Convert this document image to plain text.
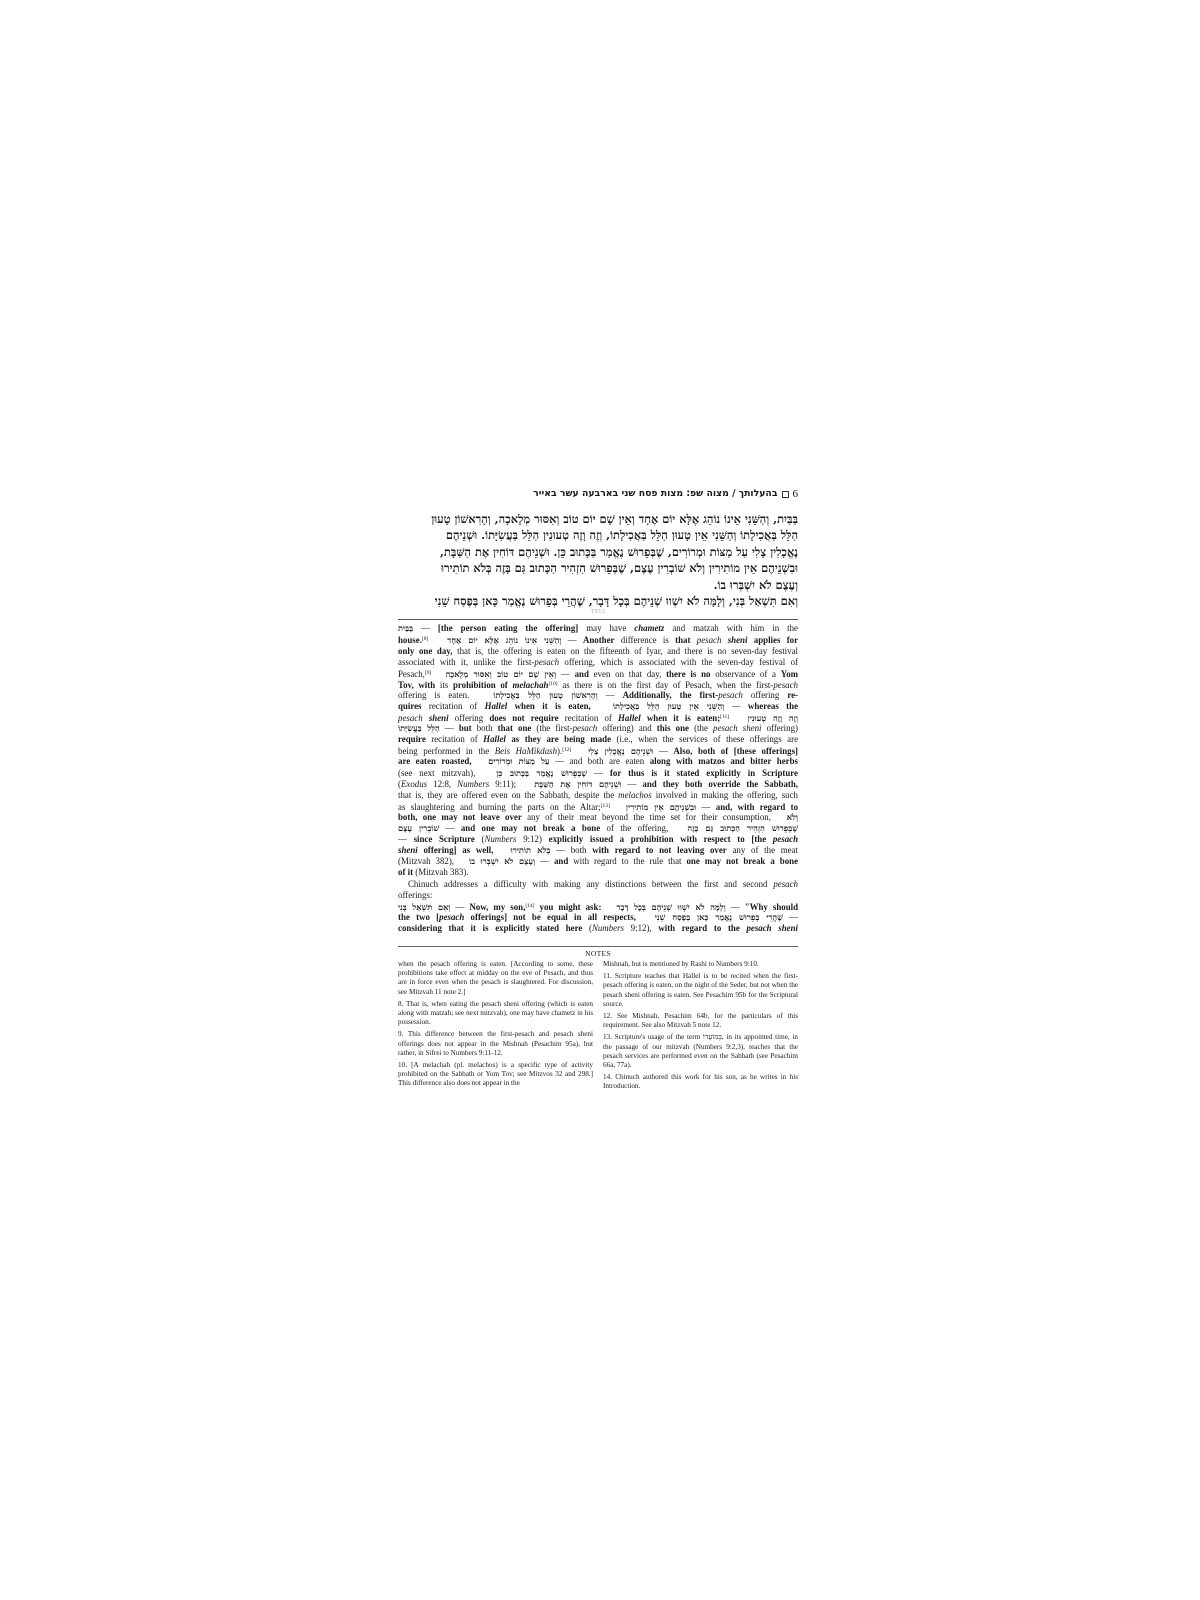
6
בהעלותך / מצוה שפ: מצות פסח שני בארבעה עשר באייר
בַּבַּיִת, וְהַשֵּׁנִי אֵינוֹ נוֹהֵג אֶלָּא יוֹם אֶחָד וְאֵין שָׁם יוֹם טוֹב וְאִסּוּר מְלָאכָה, וְהָרִאשׁוֹן טָעוּן
הַלֵּל בַּאֲכִילָתוֹ וְהַשֵּׁנִי אֵין טָעוּן הַלֵּל בַּאֲכִילָתוֹ, וְזֶה וָזֶה טְעוּנִין הַלֵּל בַּעֲשִׂיָּתוֹ. וּשְׁנֵיהֶם
נֶאֱכָלִין צָלִי עַל מַצּוֹת וּמְרוֹרִים, שֶׁבְּפֵרוּשׁ נֶאֱמַר בַּכָּתוּב כֵּן. וּשְׁנֵיהֶם דּוֹחִין אֶת הַשַּׁבָּת,
וּבִשְׁנֵיהֶם אֵין מוֹתִירִין וְלֹא שׁוֹבְרִין עֶצֶם, שֶׁבְּפֵרוּשׁ הִזְהִיר הַכָּתוּב גַּם בָּזֶה בְּלֹא תוֹתִירוּ
וְעֶצֶם לֹא יִשְׁבְּרוּ בוֹ.
וְאִם תִּשְׁאַל בְּנִי, וְלָמָּה לֹא יִשְׁווּ שְׁנֵיהֶם בְּכָל דָּבָר, שֶׁהֲרֵי בְּפֵרוּשׁ נֶאֱמַר כָּאן בְּפֶסַח שֵׁנִי
T93/2
בַּבַּיִת — [the person eating the offering] may have chametz and matzah with him in the
house.[8] וְהַשֵּׁנִי אֵינוֹ נוֹהֵג אֶלָּא יוֹם אֶחָד — Another difference is that pesach sheni applies for
only one day, that is, the offering is eaten on the fifteenth of Iyar, and there is no seven-day festival
associated with it, unlike the first-pesach offering, which is associated with the seven-day festival of
Pesach,[9] וְאֵין שָׁם יוֹם טוֹב וְאִסּוּר מְלָאכָה — and even on that day, there is no observance of a Yom
Tov, with its prohibition of melachah[10] as there is on the first day of Pesach, when the first-pesach
offering is eaten.   וְהָרִאשׁוֹן טָעוּן הַלֵּל בַּאֲכִילָתוֹ — Additionally, the first-pesach offering re-
quires recitation of Hallel when it is eaten,	וְהַשֵּׁנִי אֵין טָעוּן הַלֵּל בַּאֲכִילָתוֹ — whereas the
pesach sheni offering does not require recitation of Hallel when it is eaten;[11] וְזֶה וָזֶה טְעוּנִין
הַלֵּל בַּעֲשִׂיָּתוֹ — but both that one (the first-pesach offering) and this one (the pesach sheni offering)
require recitation of Hallel as they are being made (i.e., when the services of these offerings are
being performed in the Beis HaMikdash).[12] וּשְׁנֵיהֶם נֶאֱכָלִין צָלִי — Also, both of [these offerings]
are eaten roasted, עַל מַצּוֹת וּמְרוֹרִים — and both are eaten along with matzos and bitter herbs
(see next mitzvah),   שֶׁבְּפֵרוּשׁ נֶאֱמַר בַּכָּתוּב כֵּן — for thus is it stated explicitly in Scripture
(Exodus 12:8, Numbers 9:11);   וּשְׁנֵיהֶם דּוֹחִין אֶת הַשַּׁבָּת — and they both override the Sabbath,
that is, they are offered even on the Sabbath, despite the melachos involved in making the offering, such
as slaughtering and burning the parts on the Altar;[13] וּבִשְׁנֵיהֶם אֵין מוֹתִירִין — and, with regard to
both, one may not leave over any of their meat beyond the time set for their consumption,   וְלֹא
שׁוֹבְרִין עֶצֶם — and one may not break a bone of the offering,   שֶׁבְּפֵרוּשׁ הִזְהִיר הַכָּתוּב גַּם בָּזֶה
— since Scripture (Numbers 9:12) explicitly issued a prohibition with respect to [the pesach
sheni offering] as well, בְּלֹא תוֹתִירוּ — both with regard to not leaving over any of the meat
(Mitzvah 382),   וְעֶצֶם לֹא יִשְׁבְּרוּ בוֹ — and with regard to the rule that one may not break a bone
of it (Mitzvah 383).
Chinuch addresses a difficulty with making any distinctions between the first and second pesach
offerings:
וְאִם תִּשְׁאַל בְּנִי — Now, my son,[14] you might ask: וְלָמָּה לֹא יִשְׁווּ שְׁנֵיהֶם בְּכָל דָּבָר — "Why should
the two [pesach offerings] not be equal in all respects, שֶׁהֲרֵי בְּפֵרוּשׁ נֶאֱמַר כָּאן בְּפֶסַח שֵׁנִי —
considering that it is explicitly stated here (Numbers 9:12), with regard to the pesach sheni
NOTES

when the pesach offering is eaten. [According to some, these prohibitions take effect at midday on the eve of Pesach, and thus are in force even when the pesach is slaughtered. For discussion, see Mitzvah 11 note 2.]

8. That is, when eating the pesach sheni offering (which is eaten along with matzah; see next mitzvah), one may have chametz in his possession.

9. This difference between the first-pesach and pesach sheni offerings does not appear in the Mishnah (Pesachim 95a), but rather, in Sifrei to Numbers 9:11-12.

10. [A melachah (pl. melachos) is a specific type of activity prohibited on the Sabbath or Yom Tov; see Mitzvos 32 and 298.] This difference also does not appear in the

Mishnah, but is mentioned by Rashi to Numbers 9:10.

11. Scripture teaches that Hallel is to be recited when the first-pesach offering is eaten, on the night of the Seder, but not when the pesach sheni offering is eaten. See Pesachim 95b for the Scriptural source.

12. See Mishnah, Pesachim 64b, for the particulars of this requirement. See also Mitzvah 5 note 12.

13. Scripture's usage of the term בְּמוֹעֲדוֹ, in its appointed time, in the passage of our mitzvah (Numbers 9:2,3), teaches that the pesach services are performed even on the Sabbath (see Pesachim 66a, 77a).

14. Chinuch authored this work for his son, as he writes in his Introduction.
